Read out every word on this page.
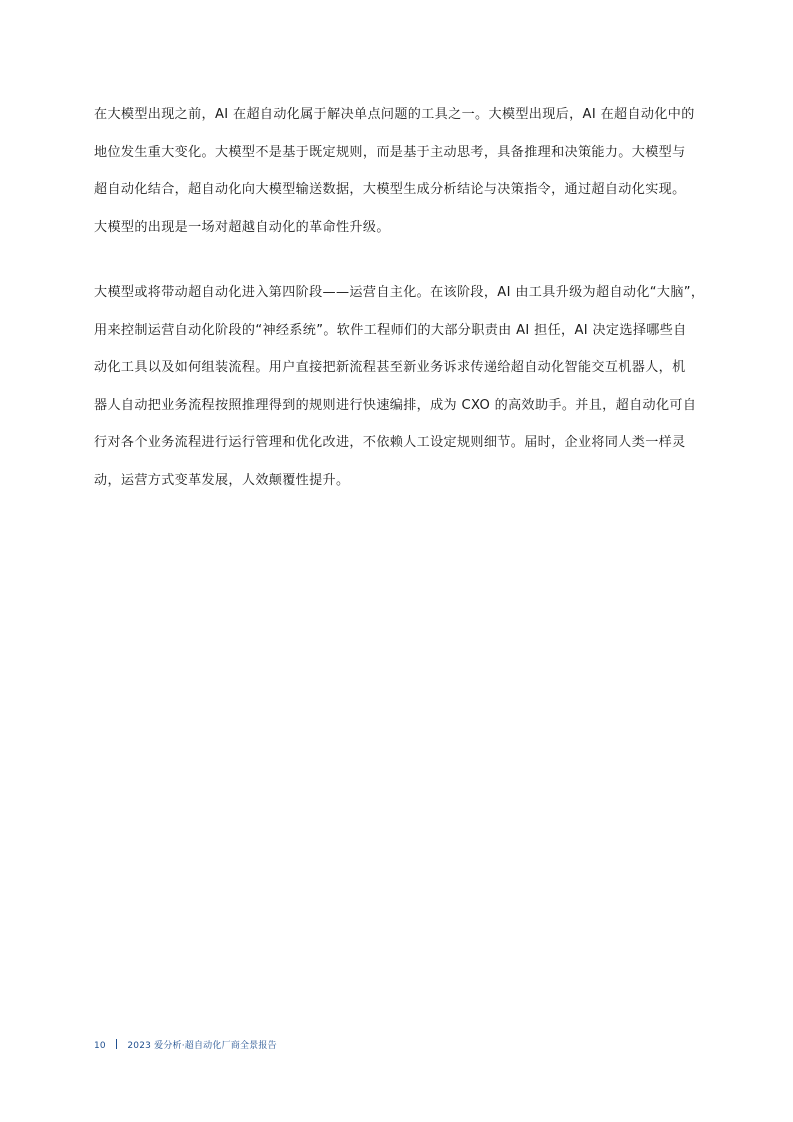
在大模型出现之前，AI 在超自动化属于解决单点问题的工具之一。大模型出现后，AI 在超自动化中的
地位发生重大变化。大模型不是基于既定规则，而是基于主动思考，具备推理和决策能力。大模型与
超自动化结合，超自动化向大模型输送数据，大模型生成分析结论与决策指令，通过超自动化实现。
大模型的出现是一场对超越自动化的革命性升级。
大模型或将带动超自动化进入第四阶段——运营自主化。在该阶段，AI 由工具升级为超自动化“大脑”，
用来控制运营自动化阶段的“神经系统”。软件工程师们的大部分职责由 AI 担任，AI 决定选择哪些自
动化工具以及如何组装流程。用户直接把新流程甚至新业务诉求传递给超自动化智能交互机器人，机
器人自动把业务流程按照推理得到的规则进行快速编排，成为 CXO 的高效助手。并且，超自动化可自
行对各个业务流程进行运行管理和优化改进，不依赖人工设定规则细节。届时，企业将同人类一样灵
动，运营方式变革发展，人效颠覆性提升。
10 2023 爱分析·超自动化厂商全景报告
